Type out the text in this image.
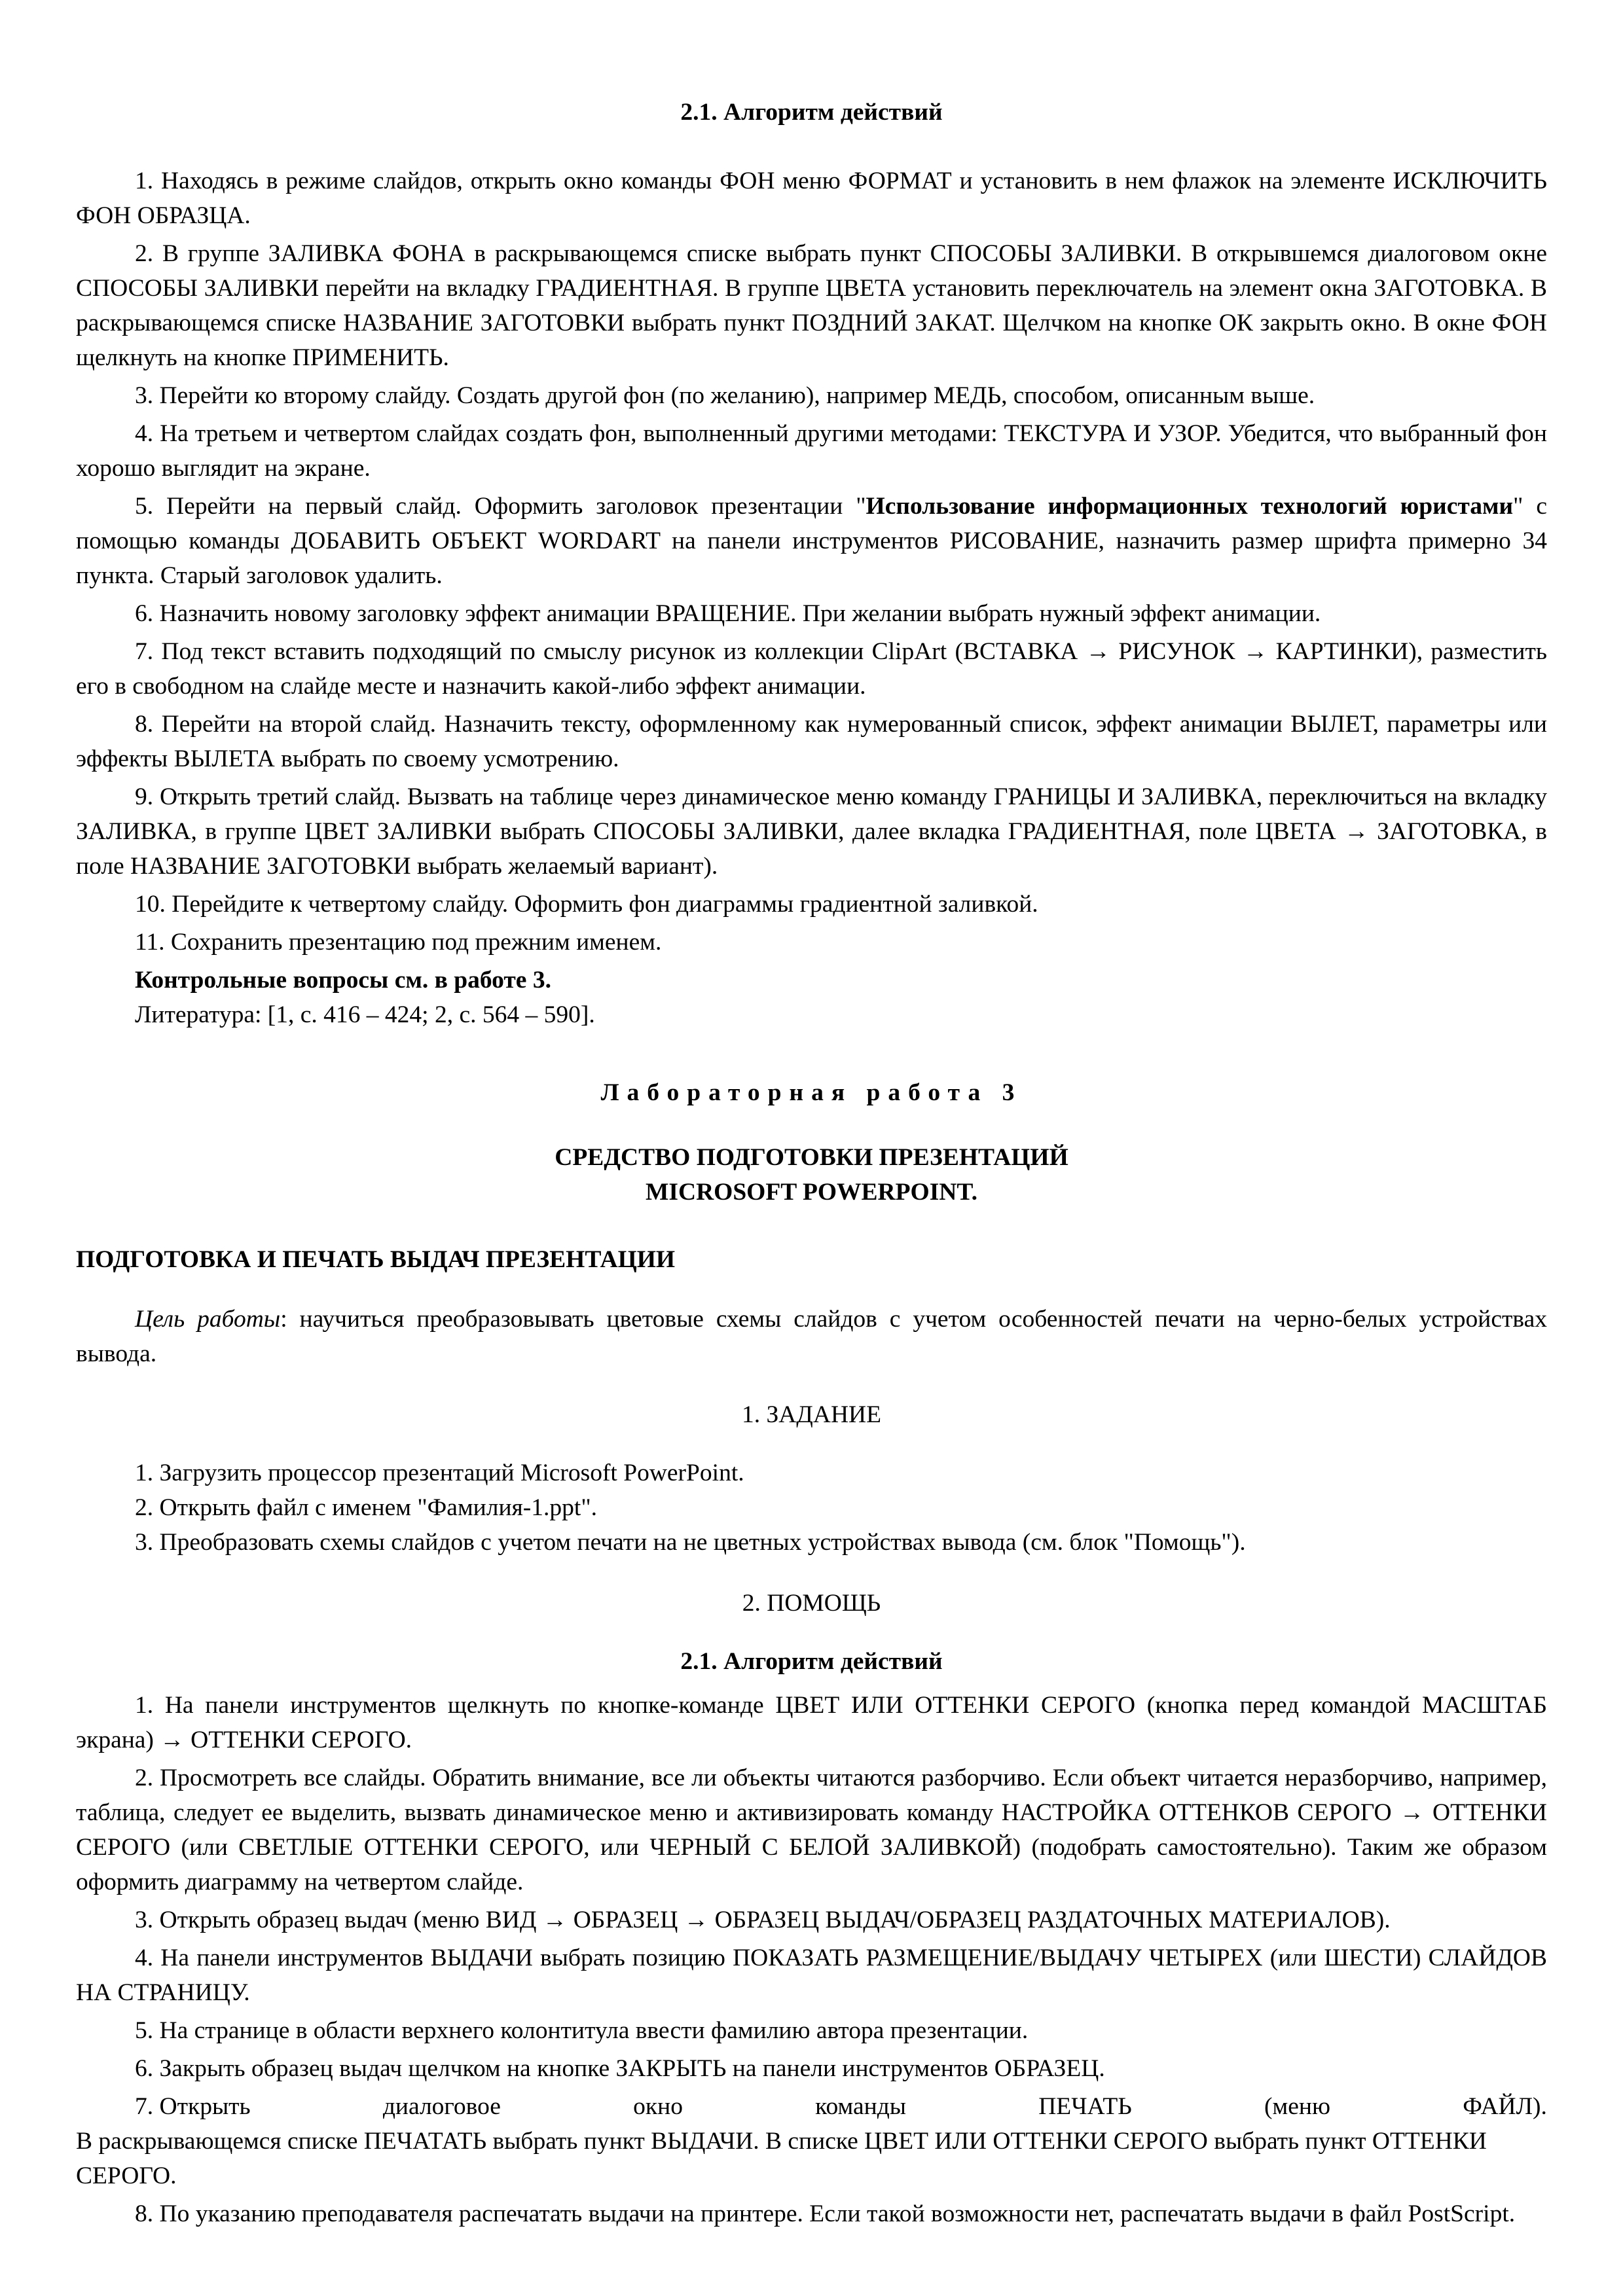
2.1. Алгоритм действий

1. Находясь в режиме слайдов, открыть окно команды ФОН меню ФОРМАТ и установить в нем флажок на элементе ИСКЛЮЧИТЬ ФОН ОБРАЗЦА.

2. В группе ЗАЛИВКА ФОНА в раскрывающемся списке выбрать пункт СПОСОБЫ ЗАЛИВКИ. В открывшемся диалоговом окне СПОСОБЫ ЗАЛИВКИ перейти на вкладку ГРАДИЕНТНАЯ. В группе ЦВЕТА установить переключатель на элемент окна ЗАГОТОВКА. В раскрывающемся списке НАЗВАНИЕ ЗАГОТОВКИ выбрать пункт ПОЗДНИЙ ЗАКАТ. Щелчком на кнопке ОК закрыть окно. В окне ФОН щелкнуть на кнопке ПРИМЕНИТЬ.

3. Перейти ко второму слайду. Создать другой фон (по желанию), например МЕДЬ, способом, описанным выше.

4. На третьем и четвертом слайдах создать фон, выполненный другими методами: ТЕКСТУРА И УЗОР. Убедится, что выбранный фон хорошо выглядит на экране.

5. Перейти на первый слайд. Оформить заголовок презентации "Использование информационных технологий юристами" с помощью команды ДОБАВИТЬ ОБЪЕКТ WORDART на панели инструментов РИСОВАНИЕ, назначить размер шрифта примерно 34 пункта. Старый заголовок удалить.

6. Назначить новому заголовку эффект анимации ВРАЩЕНИЕ. При желании выбрать нужный эффект анимации.

7. Под текст вставить подходящий по смыслу рисунок из коллекции ClipArt (ВСТАВКА → РИСУНОК → КАРТИНКИ), разместить его в свободном на слайде месте и назначить какой-либо эффект анимации.

8. Перейти на второй слайд. Назначить тексту, оформленному как нумерованный список, эффект анимации ВЫЛЕТ, параметры или эффекты ВЫЛЕТА выбрать по своему усмотрению.

9. Открыть третий слайд. Вызвать на таблице через динамическое меню команду ГРАНИЦЫ И ЗАЛИВКА, переключиться на вкладку ЗАЛИВКА, в группе ЦВЕТ ЗАЛИВКИ выбрать СПОСОБЫ ЗАЛИВКИ, далее вкладка ГРАДИЕНТНАЯ, поле ЦВЕТА → ЗАГОТОВКА, в поле НАЗВАНИЕ ЗАГОТОВКИ выбрать желаемый вариант).

10. Перейдите к четвертому слайду. Оформить фон диаграммы градиентной заливкой.

11. Сохранить презентацию под прежним именем.

Контрольные вопросы см. в работе 3.

Литература: [1, с. 416 – 424; 2, с. 564 – 590].

Лабораторная работа 3

СРЕДСТВО ПОДГОТОВКИ ПРЕЗЕНТАЦИЙ

MICROSOFT POWERPOINT.

ПОДГОТОВКА И ПЕЧАТЬ ВЫДАЧ ПРЕЗЕНТАЦИИ

Цель работы: научиться преобразовывать цветовые схемы слайдов с учетом особенностей печати на черно-белых устройствах вывода.

1. ЗАДАНИЕ

1. Загрузить процессор презентаций Microsoft PowerPoint.

2. Открыть файл с именем "Фамилия-1.ppt".

3. Преобразовать схемы слайдов с учетом печати на не цветных устройствах вывода (см. блок "Помощь").

2. ПОМОЩЬ

2.1. Алгоритм действий

1. На панели инструментов щелкнуть по кнопке-команде ЦВЕТ ИЛИ ОТТЕНКИ СЕРОГО (кнопка перед командой МАСШТАБ экрана) → ОТТЕНКИ СЕРОГО.

2. Просмотреть все слайды. Обратить внимание, все ли объекты читаются разборчиво. Если объект читается неразборчиво, например, таблица, следует ее выделить, вызвать динамическое меню и активизировать команду НАСТРОЙКА ОТТЕНКОВ СЕРОГО → ОТТЕНКИ СЕРОГО (или СВЕТЛЫЕ ОТТЕНКИ СЕРОГО, или ЧЕРНЫЙ С БЕЛОЙ ЗАЛИВКОЙ) (подобрать самостоятельно). Таким же образом оформить диаграмму на четвертом слайде.

3. Открыть образец выдач (меню ВИД → ОБРАЗЕЦ → ОБРАЗЕЦ ВЫДАЧ/ОБРАЗЕЦ РАЗДАТОЧНЫХ МАТЕРИАЛОВ).

4. На панели инструментов ВЫДАЧИ выбрать позицию ПОКАЗАТЬ РАЗМЕЩЕНИЕ/ВЫДАЧУ ЧЕТЫРЕХ (или ШЕСТИ) СЛАЙДОВ НА СТРАНИЦУ.

5. На странице в области верхнего колонтитула ввести фамилию автора презентации.

6. Закрыть образец выдач щелчком на кнопке ЗАКРЫТЬ на панели инструментов ОБРАЗЕЦ.

7. Открыть	диалоговое	окно	команды	ПЕЧАТЬ	(меню	ФАЙЛ).

В раскрывающемся списке ПЕЧАТАТЬ выбрать пункт ВЫДАЧИ. В списке ЦВЕТ ИЛИ ОТТЕНКИ СЕРОГО выбрать пункт ОТТЕНКИ СЕРОГО.

8. По указанию преподавателя распечатать выдачи на принтере. Если такой возможности нет, распечатать выдачи в файл PostScript.
